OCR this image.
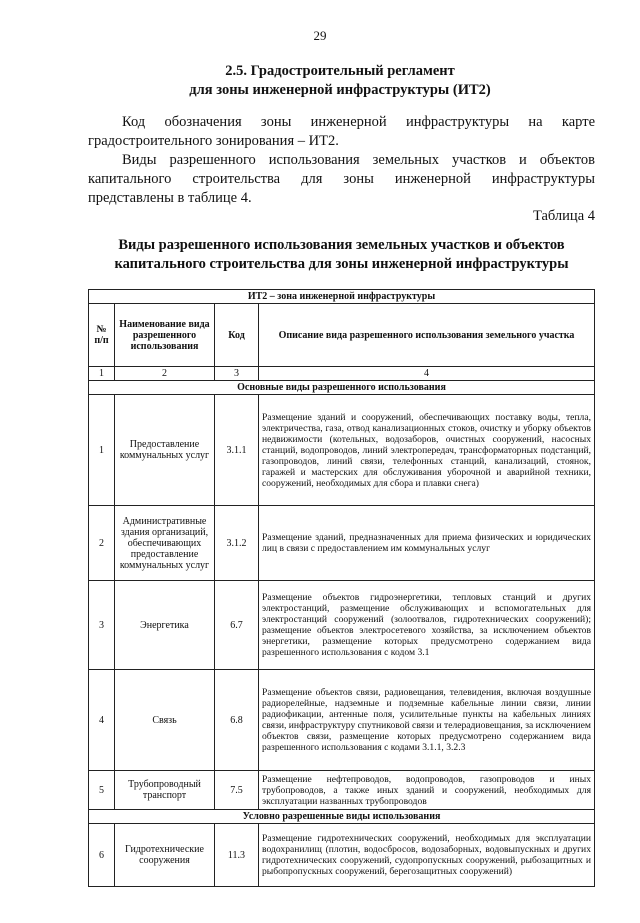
29
2.5. Градостроительный регламент
для зоны инженерной инфраструктуры (ИТ2)
Код обозначения зоны инженерной инфраструктуры на карте градостроительного зонирования – ИТ2.
Виды разрешенного использования земельных участков и объектов капитального строительства для зоны инженерной инфраструктуры представлены в таблице 4.
Таблица 4
Виды разрешенного использования земельных участков и объектов
капитального строительства для зоны инженерной инфраструктуры
ИТ2 – зона инженерной инфраструктуры			
№ п/п	Наименование вида разрешенного использования	Код	Описание вида разрешенного использования земельного участка
1	2	3	4
Основные виды разрешенного использования			
1	Предоставление коммунальных услуг	3.1.1	Размещение зданий и сооружений, обеспечивающих поставку воды, тепла, электричества, газа, отвод канализационных стоков, очистку и уборку объектов недвижимости (котельных, водозаборов, очистных сооружений, насосных станций, водопроводов, линий электропередач, трансформаторных подстанций, газопроводов, линий связи, телефонных станций, канализаций, стоянок, гаражей и мастерских для обслуживания уборочной и аварийной техники, сооружений, необходимых для сбора и плавки снега)
2	Административные здания организаций, обеспечивающих предоставление коммунальных услуг	3.1.2	Размещение зданий, предназначенных для приема физических и юридических лиц в связи с предоставлением им коммунальных услуг
3	Энергетика	6.7	Размещение объектов гидроэнергетики, тепловых станций и других электростанций, размещение обслуживающих и вспомогательных для электростанций сооружений (золоотвалов, гидротехнических сооружений); размещение объектов электросетевого хозяйства, за исключением объектов энергетики, размещение которых предусмотрено содержанием вида разрешенного использования с кодом 3.1
4	Связь	6.8	Размещение объектов связи, радиовещания, телевидения, включая воздушные радиорелейные, надземные и подземные кабельные линии связи, линии радиофикации, антенные поля, усилительные пункты на кабельных линиях связи, инфраструктуру спутниковой связи и телерадиовещания, за исключением объектов связи, размещение которых предусмотрено содержанием вида разрешенного использования с кодами 3.1.1, 3.2.3
5	Трубопроводный транспорт	7.5	Размещение нефтепроводов, водопроводов, газопроводов и иных трубопроводов, а также иных зданий и сооружений, необходимых для эксплуатации названных трубопроводов
Условно разрешенные виды использования			
6	Гидротехнические сооружения	11.3	Размещение гидротехнических сооружений, необходимых для эксплуатации водохранилищ (плотин, водосбросов, водозаборных, водовыпускных и других гидротехнических сооружений, судопропускных сооружений, рыбозащитных и рыбопропускных сооружений, берегозащитных сооружений)
